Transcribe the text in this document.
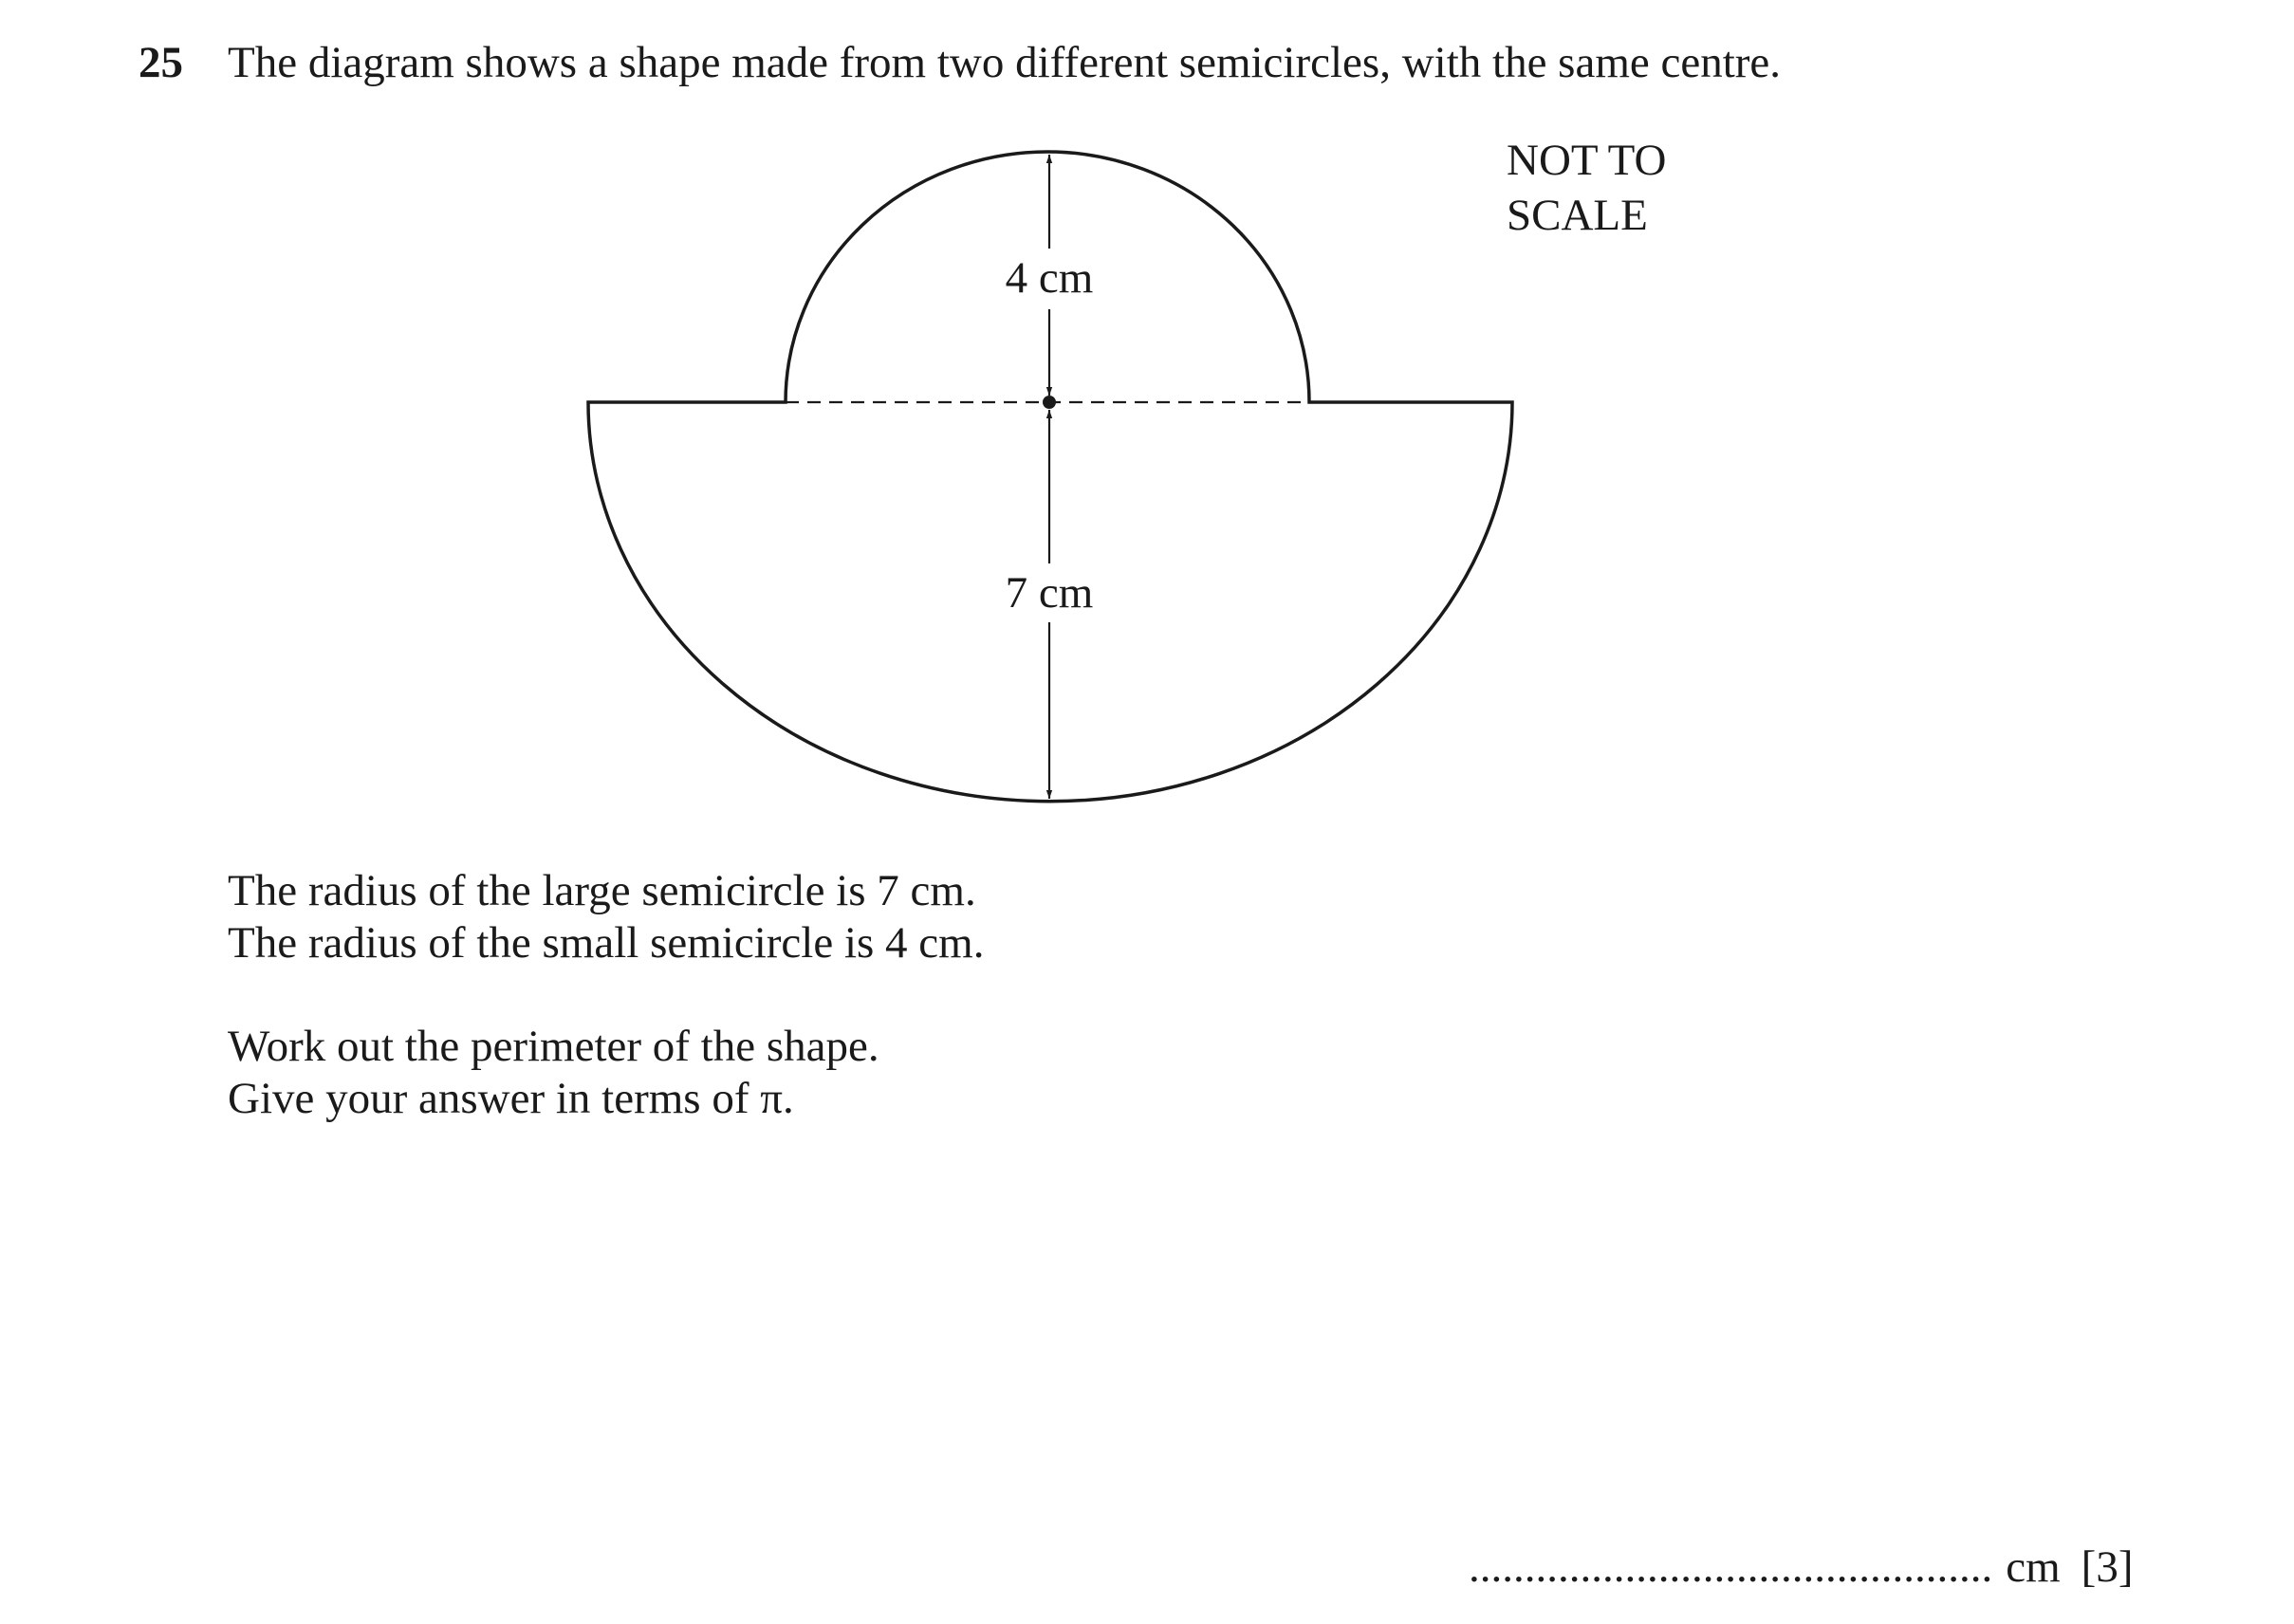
25 The diagram shows a shape made from two different semicircles, with the same centre.
NOT TO
SCALE
4 cm
7 cm
The radius of the large semicircle is 7 cm.
The radius of the small semicircle is 4 cm.
Work out the perimeter of the shape.
Give your answer in terms of π.
............................................... cm [3]
